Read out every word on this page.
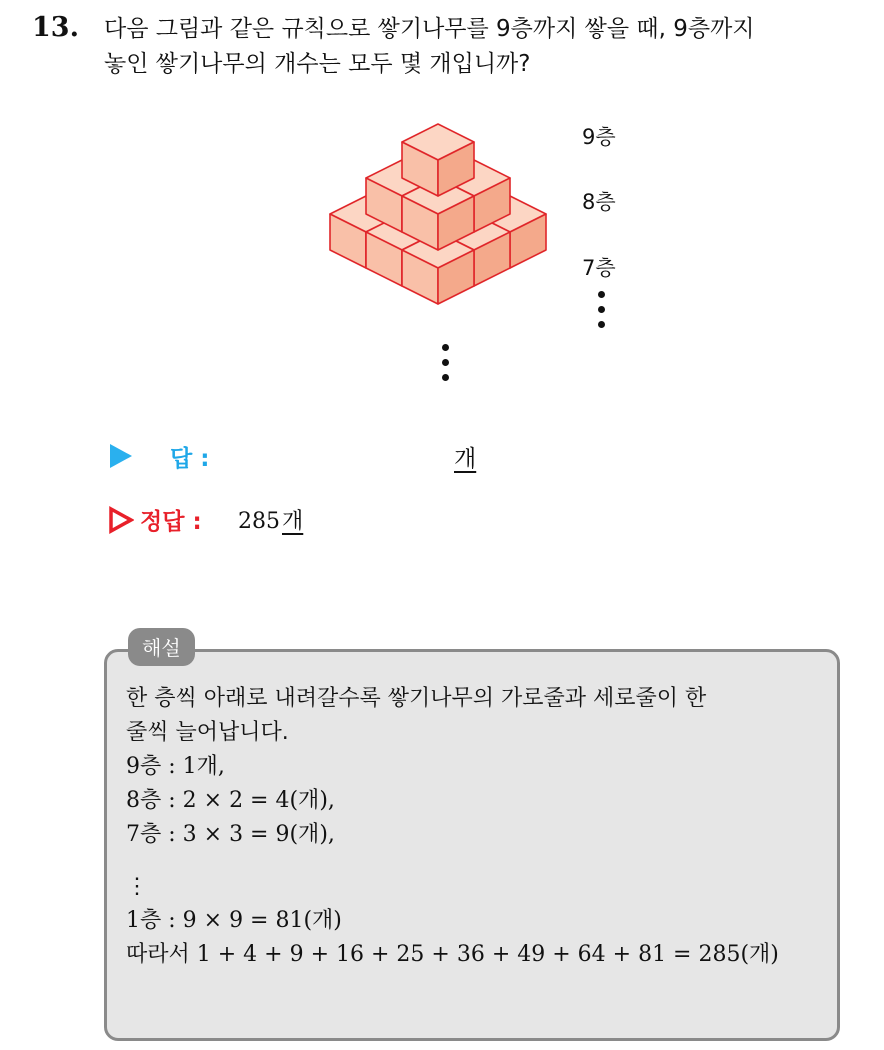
13. 다음 그림과 같은 규칙으로 쌓기나무를 9층까지 쌓을 때, 9층까지
놓인 쌓기나무의 개수는 모두 몇 개입니까?
9층
8층
7층
답 :	개
정답 : 285개
해설
한 층씩 아래로 내려갈수록 쌓기나무의 가로줄과 세로줄이 한
줄씩 늘어납니다.
9층 : 1개,
8층 : 2 × 2 = 4(개),
7층 : 3 × 3 = 9(개),
⋮
1층 : 9 × 9 = 81(개)
따라서 1 + 4 + 9 + 16 + 25 + 36 + 49 + 64 + 81 = 285(개)
